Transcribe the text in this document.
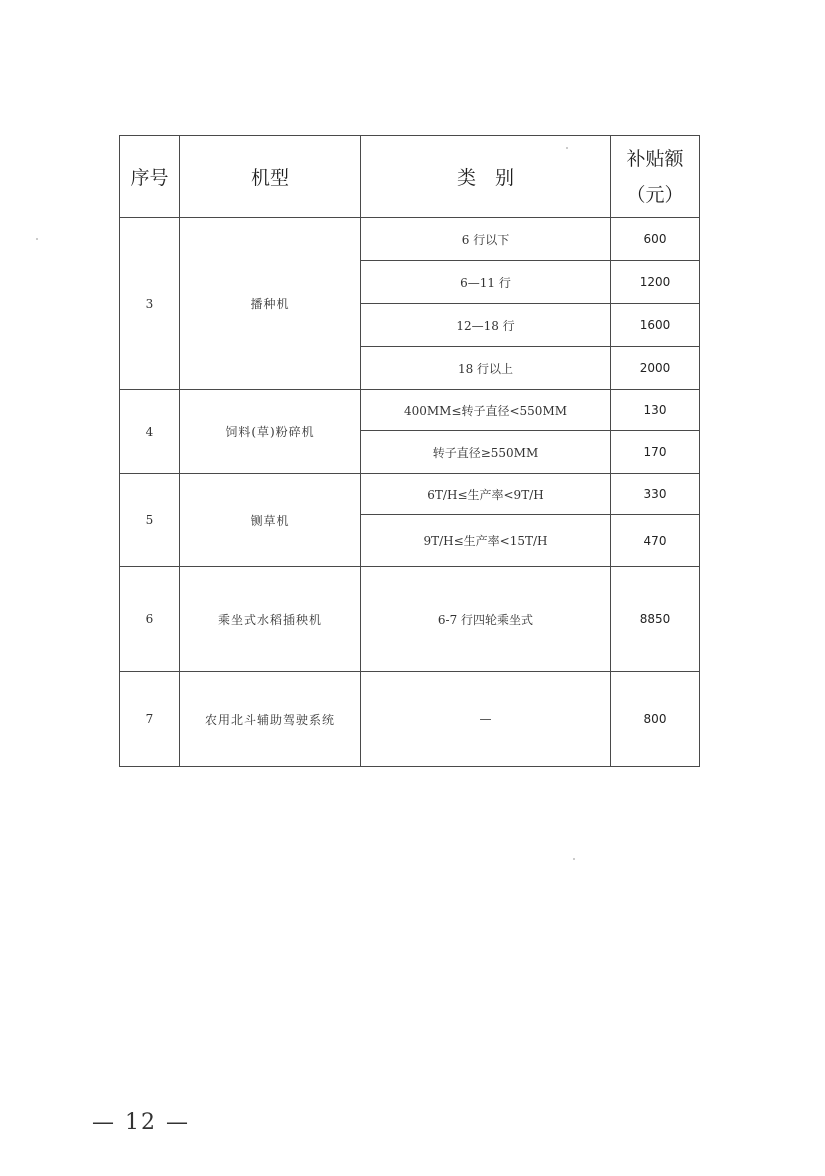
序号	机型	类　别	补贴额
（元）

3	播种机	6 行以下	600
		6—11 行	1200
		12—18 行	1600
		18 行以上	2000
4	饲料(草)粉碎机	400MM≤转子直径<550MM	130
		转子直径≥550MM	170
5	铡草机	6T/H≤生产率<9T/H	330
		9T/H≤生产率<15T/H	470
6	乘坐式水稻插秧机	6-7 行四轮乘坐式	8850
7	农用北斗辅助驾驶系统	—	800
— 12 —
